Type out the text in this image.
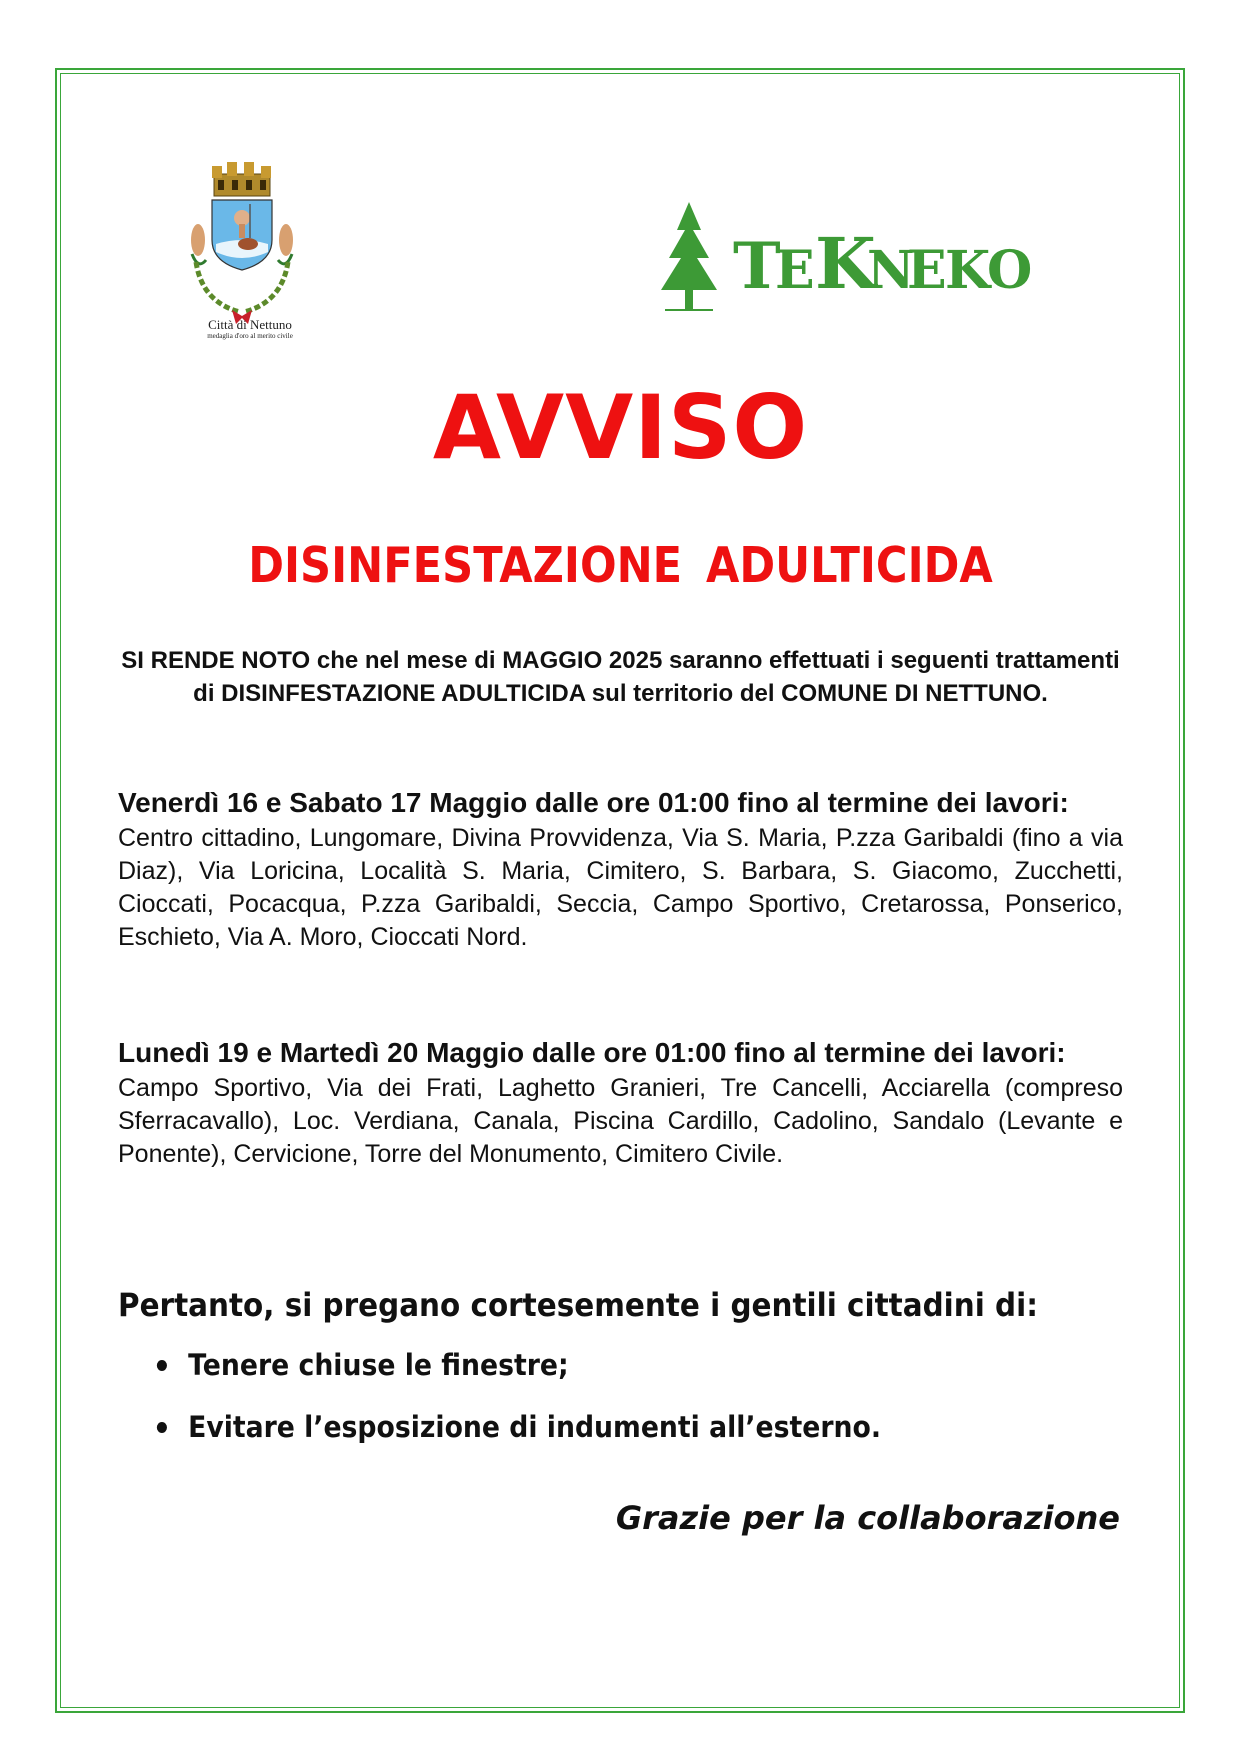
Città di Nettuno
medaglia d'oro al merito civile
T
E K
N
E
K
O
AVVISO
DISINFESTAZIONE ADULTICIDA
SI RENDE NOTO che nel mese di MAGGIO 2025 saranno effettuati i seguenti trattamenti di DISINFESTAZIONE ADULTICIDA sul territorio del COMUNE DI NETTUNO.
Venerdì 16 e Sabato 17 Maggio dalle ore 01:00 fino al termine dei lavori:
Centro cittadino, Lungomare, Divina Provvidenza, Via S. Maria, P.zza Garibaldi (fino a via Diaz), Via Loricina, Località S. Maria, Cimitero, S. Barbara, S. Giacomo, Zucchetti, Cioccati, Pocacqua, P.zza Garibaldi, Seccia, Campo Sportivo, Cretarossa, Ponserico, Eschieto, Via A. Moro, Cioccati Nord.
Lunedì 19 e Martedì 20 Maggio dalle ore 01:00 fino al termine dei lavori:
Campo Sportivo, Via dei Frati, Laghetto Granieri, Tre Cancelli, Acciarella (compreso Sferracavallo), Loc. Verdiana, Canala, Piscina Cardillo, Cadolino, Sandalo (Levante e Ponente), Cervicione, Torre del Monumento, Cimitero Civile.
Pertanto, si pregano cortesemente i gentili cittadini di:
Tenere chiuse le finestre;
Evitare l’esposizione di indumenti all’esterno.
Grazie per la collaborazione
